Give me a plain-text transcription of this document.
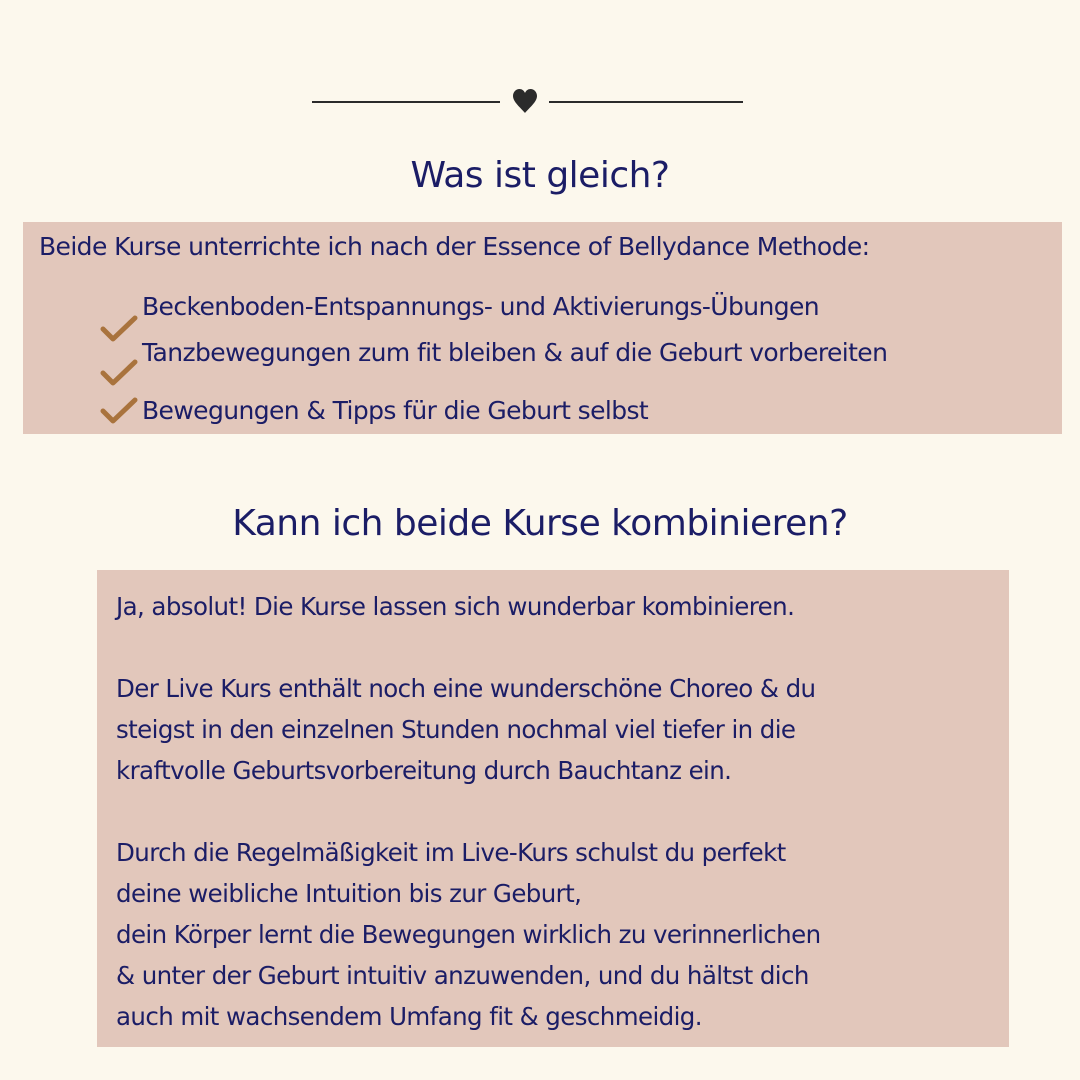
Was ist gleich?
Beide Kurse unterrichte ich nach der Essence of Bellydance Methode:
Beckenboden-Entspannungs- und Aktivierungs-Übungen
Tanzbewegungen zum fit bleiben & auf die Geburt vorbereiten
Bewegungen & Tipps für die Geburt selbst
Kann ich beide Kurse kombinieren?

Ja, absolut! Die Kurse lassen sich wunderbar kombinieren.

Der Live Kurs enthält noch eine wunderschöne Choreo & du
steigst in den einzelnen Stunden nochmal viel tiefer in die
kraftvolle Geburtsvorbereitung durch Bauchtanz ein.

Durch die Regelmäßigkeit im Live-Kurs schulst du perfekt
deine weibliche Intuition bis zur Geburt,
dein Körper lernt die Bewegungen wirklich zu verinnerlichen
& unter der Geburt intuitiv anzuwenden, und du hältst dich
auch mit wachsendem Umfang fit & geschmeidig.
